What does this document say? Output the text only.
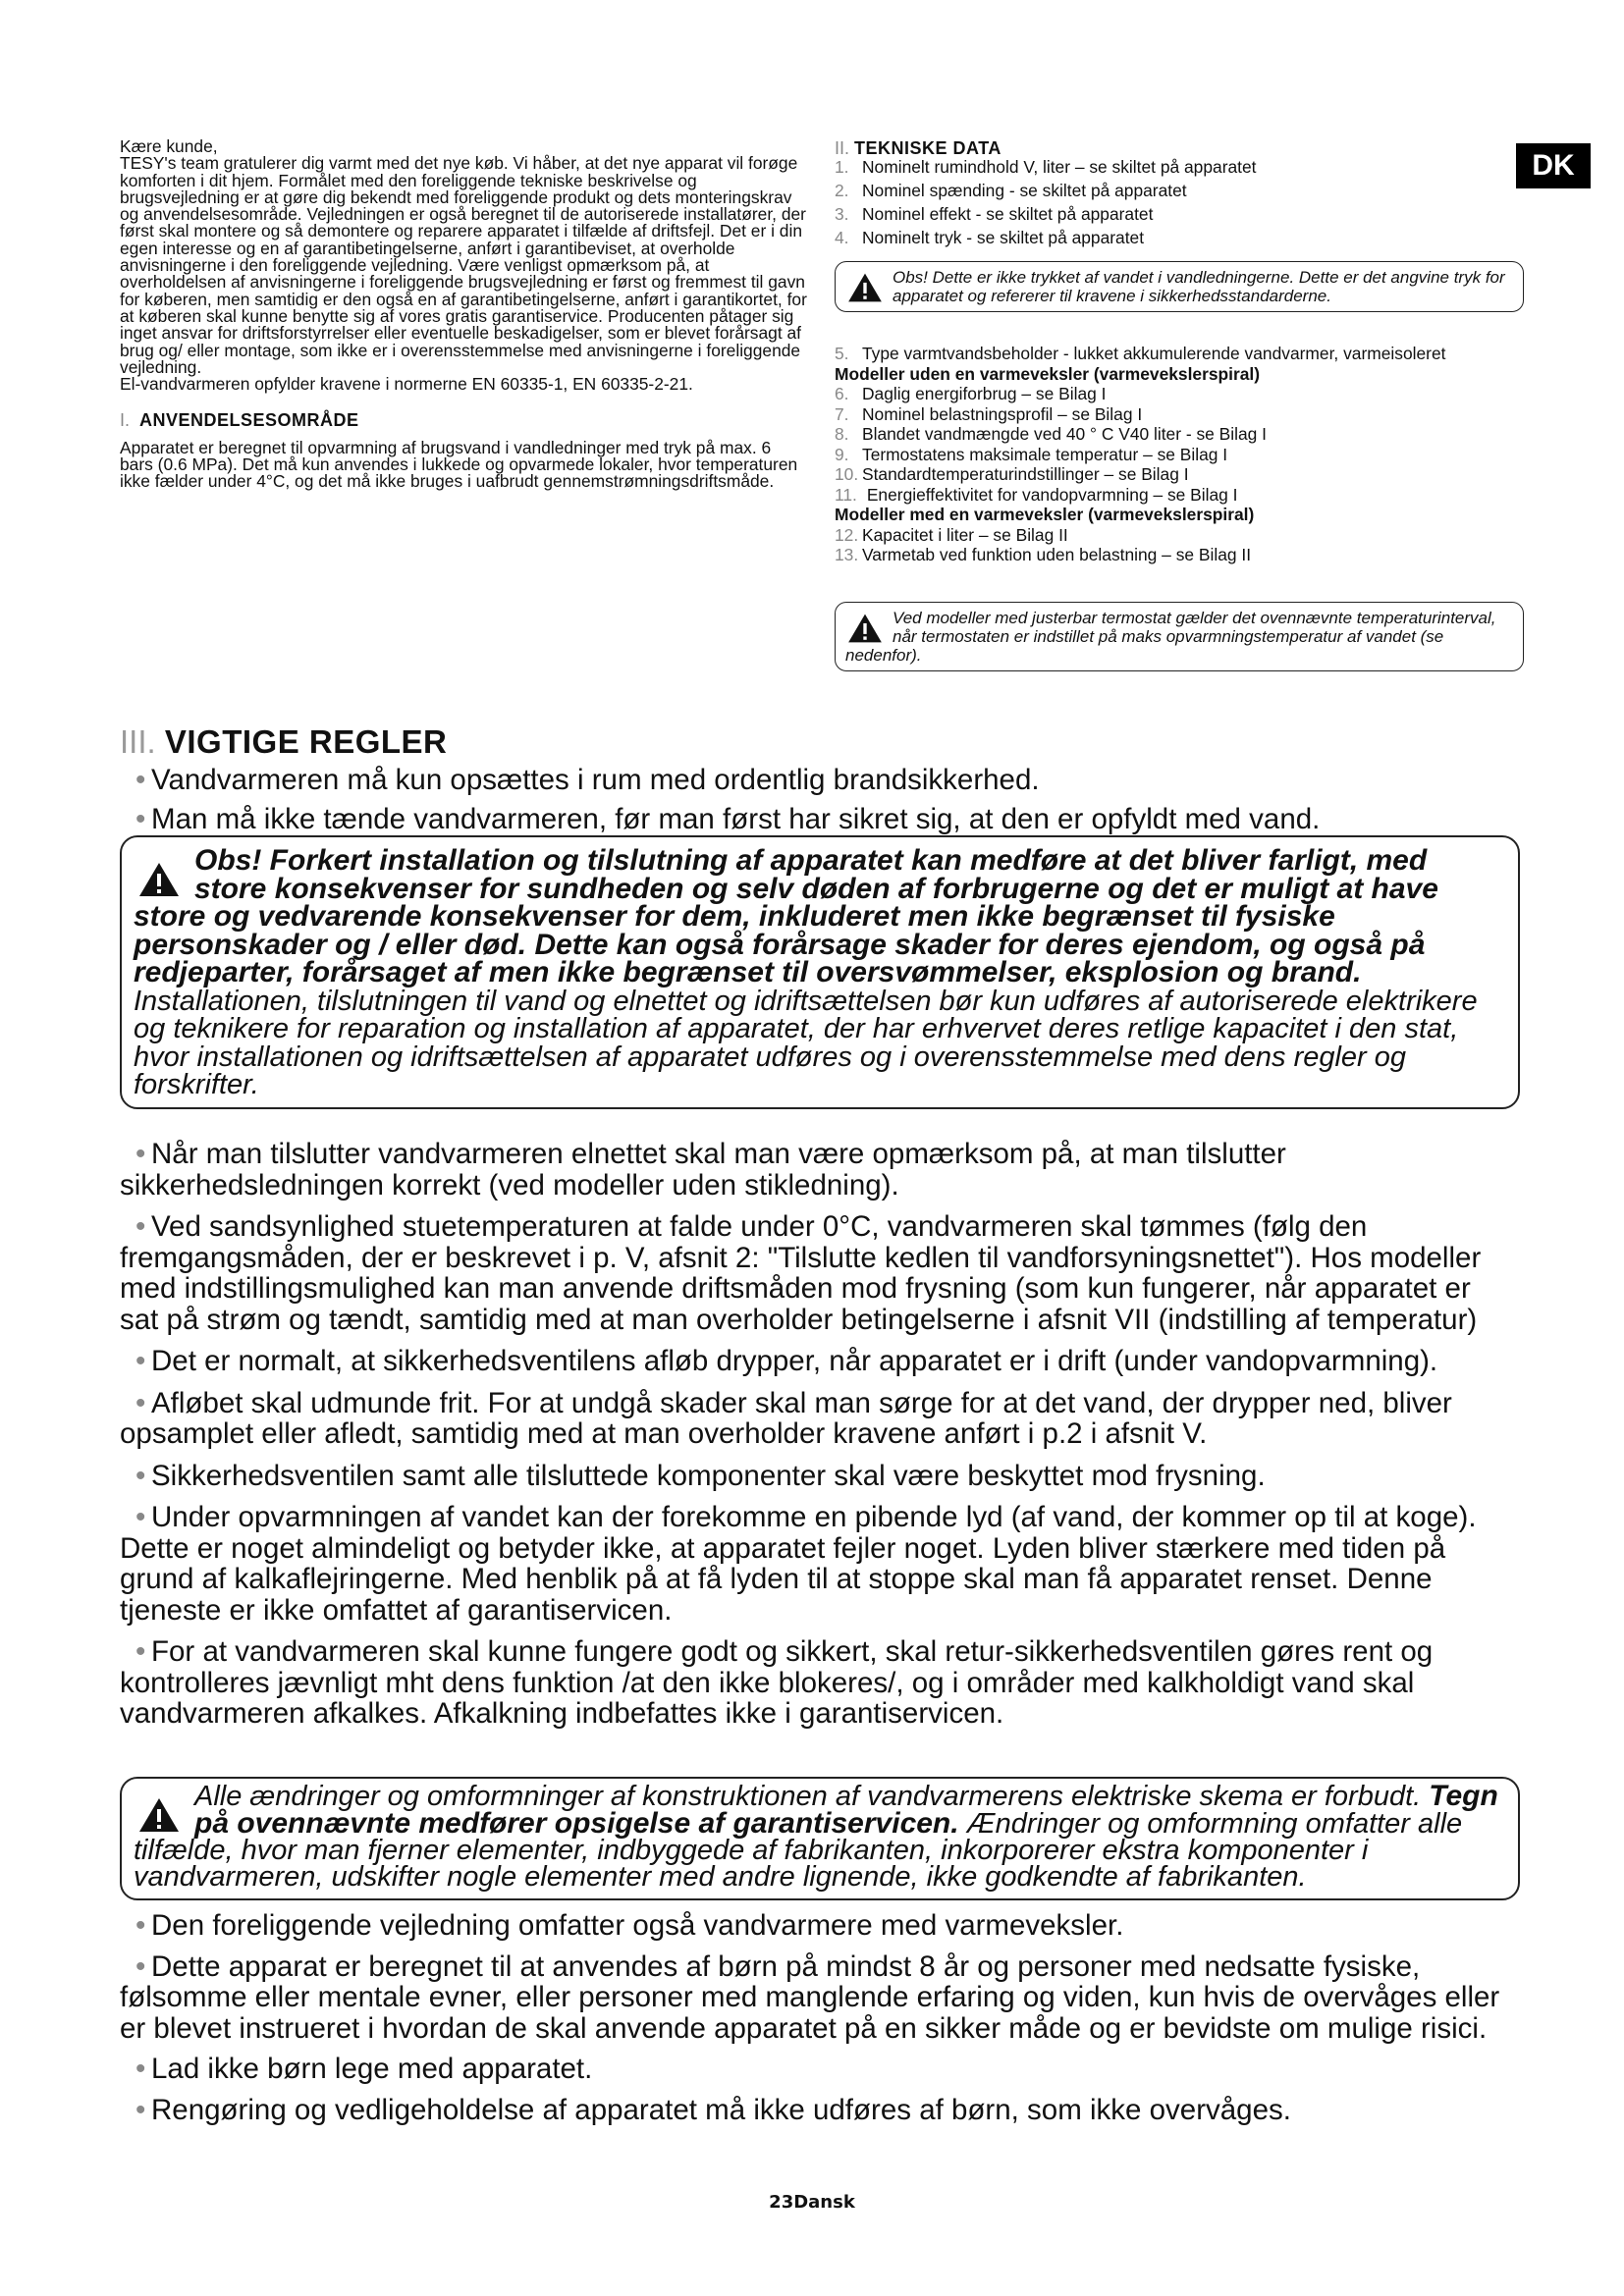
DK

Kære kunde,

TESY's team gratulerer dig varmt med det nye køb. Vi håber, at det nye apparat vil forøge komforten i dit hjem. Formålet med den foreliggende tekniske beskrivelse og brugsvejledning er at gøre dig bekendt med foreliggende produkt og dets monteringskrav og anvendelsesområde. Vejledningen er også beregnet til de autoriserede installatører, der først skal montere og så demontere og reparere apparatet i tilfælde af driftsfejl. Det er i din egen interesse og en af garantibetingelserne, anført i garantibeviset, at overholde anvisningerne i den foreliggende vejledning. Være venligst opmærksom på, at overholdelsen af anvisningerne i foreliggende brugsvejledning er først og fremmest til gavn for køberen, men samtidig er den også en af garantibetingelserne, anført i garantikortet, for at køberen skal kunne benytte sig af vores gratis garantiservice. Producenten påtager sig inget ansvar for driftsforstyrrelser eller eventuelle beskadigelser, som er blevet forårsagt af brug og/ eller montage, som ikke er i overensstemmelse med anvisningerne i foreliggende vejledning.

El-vandvarmeren opfylder kravene i normerne EN 60335-1, EN 60335-2-21.

I. ANVENDELSESOMRÅDE

Apparatet er beregnet til opvarmning af brugsvand i vandledninger med tryk på max. 6 bars (0.6 MPa). Det må kun anvendes i lukkede og opvarmede lokaler, hvor temperaturen ikke fælder under 4°C, og det må ikke bruges i uafbrudt gennemstrømningsdriftsmåde.

II. TEKNISKE DATA

1. Nominelt rumindhold V, liter – se skiltet på apparatet

2. Nominel spænding - se skiltet på apparatet

3. Nominel effekt - se skiltet på apparatet

4. Nominelt tryk - se skiltet på apparatet

Obs! Dette er ikke trykket af vandet i vandledningerne. Dette er det angvine tryk for apparatet og refererer til kravene i sikkerhedsstandarderne.

5. Type varmtvandsbeholder - lukket akkumulerende vandvarmer, varmeisoleret

Modeller uden en varmeveksler (varmevekslerspiral)

6. Daglig energiforbrug – se Bilag I

7. Nominel belastningsprofil – se Bilag I

8. Blandet vandmængde ved 40 ° C V40 liter - se Bilag I

9. Termostatens maksimale temperatur – se Bilag I

10. Standardtemperaturindstillinger – se Bilag I

11. Energieffektivitet for vandopvarmning – se Bilag I

Modeller med en varmeveksler (varmevekslerspiral)

12. Kapacitet i liter – se Bilag II

13. Varmetab ved funktion uden belastning – se Bilag II

Ved modeller med justerbar termostat gælder det ovennævnte temperaturinterval, når termostaten er indstillet på maks opvarmningstemperatur af vandet (se nedenfor).
III. VIGTIGE REGLER

• Vandvarmeren må kun opsættes i rum med ordentlig brandsikkerhed.

• Man må ikke tænde vandvarmeren, før man først har sikret sig, at den er opfyldt med vand.

Obs! Forkert installation og tilslutning af apparatet kan medføre at det bliver farligt, med store konsekvenser for sundheden og selv døden af forbrugerne og det er muligt at have store og vedvarende konsekvenser for dem, inkluderet men ikke begrænset til fysiske personskader og / eller død. Dette kan også forårsage skader for deres ejendom, og også på redjeparter, forårsaget af men ikke begrænset til oversvømmelser, eksplosion og brand.
Installationen, tilslutningen til vand og elnettet og idriftsættelsen bør kun udføres af autoriserede elektrikere og teknikere for reparation og installation af apparatet, der har erhvervet deres retlige kapacitet i den stat, hvor installationen og idriftsættelsen af apparatet udføres og i overensstemmelse med dens regler og forskrifter.

• Når man tilslutter vandvarmeren elnettet skal man være opmærksom på, at man tilslutter sikkerhedsledningen korrekt (ved modeller uden stikledning).

• Ved sandsynlighed stuetemperaturen at falde under 0°C, vandvarmeren skal tømmes (følg den fremgangsmåden, der er beskrevet i p. V, afsnit 2: "Tilslutte kedlen til vandforsyningsnettet"). Hos modeller med indstillingsmulighed kan man anvende driftsmåden mod frysning (som kun fungerer, når apparatet er sat på strøm og tændt, samtidig med at man overholder betingelserne i afsnit VII (indstilling af temperatur)

• Det er normalt, at sikkerhedsventilens afløb drypper, når apparatet er i drift (under vandopvarmning).

• Afløbet skal udmunde frit. For at undgå skader skal man sørge for at det vand, der drypper ned, bliver opsamplet eller afledt, samtidig med at man overholder kravene anført i p.2 i afsnit V.

• Sikkerhedsventilen samt alle tilsluttede komponenter skal være beskyttet mod frysning.

• Under opvarmningen af vandet kan der forekomme en pibende lyd (af vand, der kommer op til at koge). Dette er noget almindeligt og betyder ikke, at apparatet fejler noget. Lyden bliver stærkere med tiden på grund af kalkaflejringerne. Med henblik på at få lyden til at stoppe skal man få apparatet renset. Denne tjeneste er ikke omfattet af garantiservicen.

• For at vandvarmeren skal kunne fungere godt og sikkert, skal retur-sikkerhedsventilen gøres rent og kontrolleres jævnligt mht dens funktion /at den ikke blokeres/, og i områder med kalkholdigt vand skal vandvarmeren afkalkes. Afkalkning indbefattes ikke i garantiservicen.

Alle ændringer og omformninger af konstruktionen af vandvarmerens elektriske skema er forbudt. Tegn på ovennævnte medfører opsigelse af garantiservicen. Ændringer og omformning omfatter alle tilfælde, hvor man fjerner elementer, indbyggede af fabrikanten, inkorporerer ekstra komponenter i vandvarmeren, udskifter nogle elementer med andre lignende, ikke godkendte af fabrikanten.

• Den foreliggende vejledning omfatter også vandvarmere med varmeveksler.

• Dette apparat er beregnet til at anvendes af børn på mindst 8 år og personer med nedsatte fysiske, følsomme eller mentale evner, eller personer med manglende erfaring og viden, kun hvis de overvåges eller er blevet instrueret i hvordan de skal anvende apparatet på en sikker måde og er bevidste om mulige risici.

• Lad ikke børn lege med apparatet.

• Rengøring og vedligeholdelse af apparatet må ikke udføres af børn, som ikke overvåges.

23Dansk
